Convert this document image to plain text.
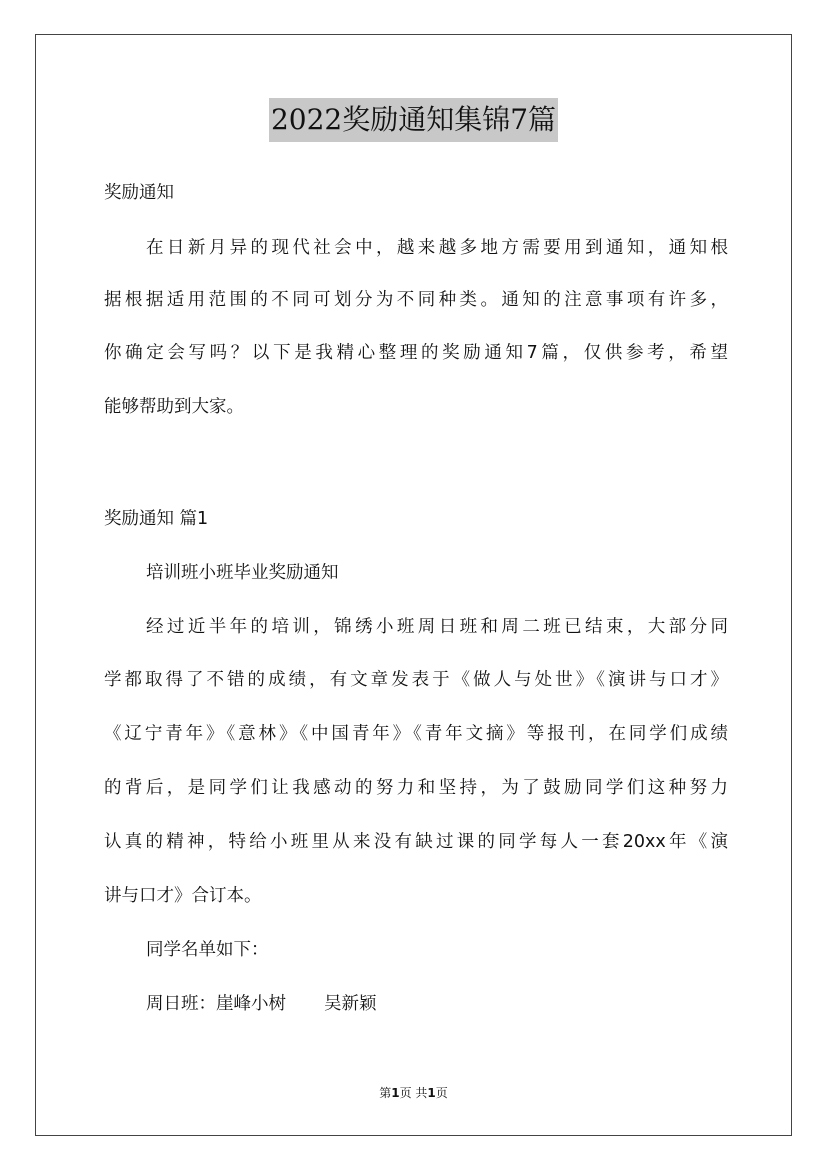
2022奖励通知集锦7篇
奖励通知
在日新月异的现代社会中，越来越多地方需要用到通知，通知根
据根据适用范围的不同可划分为不同种类。通知的注意事项有许多，
你确定会写吗？以下是我精心整理的奖励通知7篇，仅供参考，希望
能够帮助到大家。
奖励通知 篇1
培训班小班毕业奖励通知
经过近半年的培训，锦绣小班周日班和周二班已结束，大部分同
学都取得了不错的成绩，有文章发表于《做人与处世》《演讲与口才》
《辽宁青年》《意林》《中国青年》《青年文摘》等报刊，在同学们成绩
的背后，是同学们让我感动的努力和坚持，为了鼓励同学们这种努力
认真的精神，特给小班里从来没有缺过课的同学每人一套20xx年《演
讲与口才》合订本。
同学名单如下：
周日班：崖峰小树 吴新颖
第1页 共1页
